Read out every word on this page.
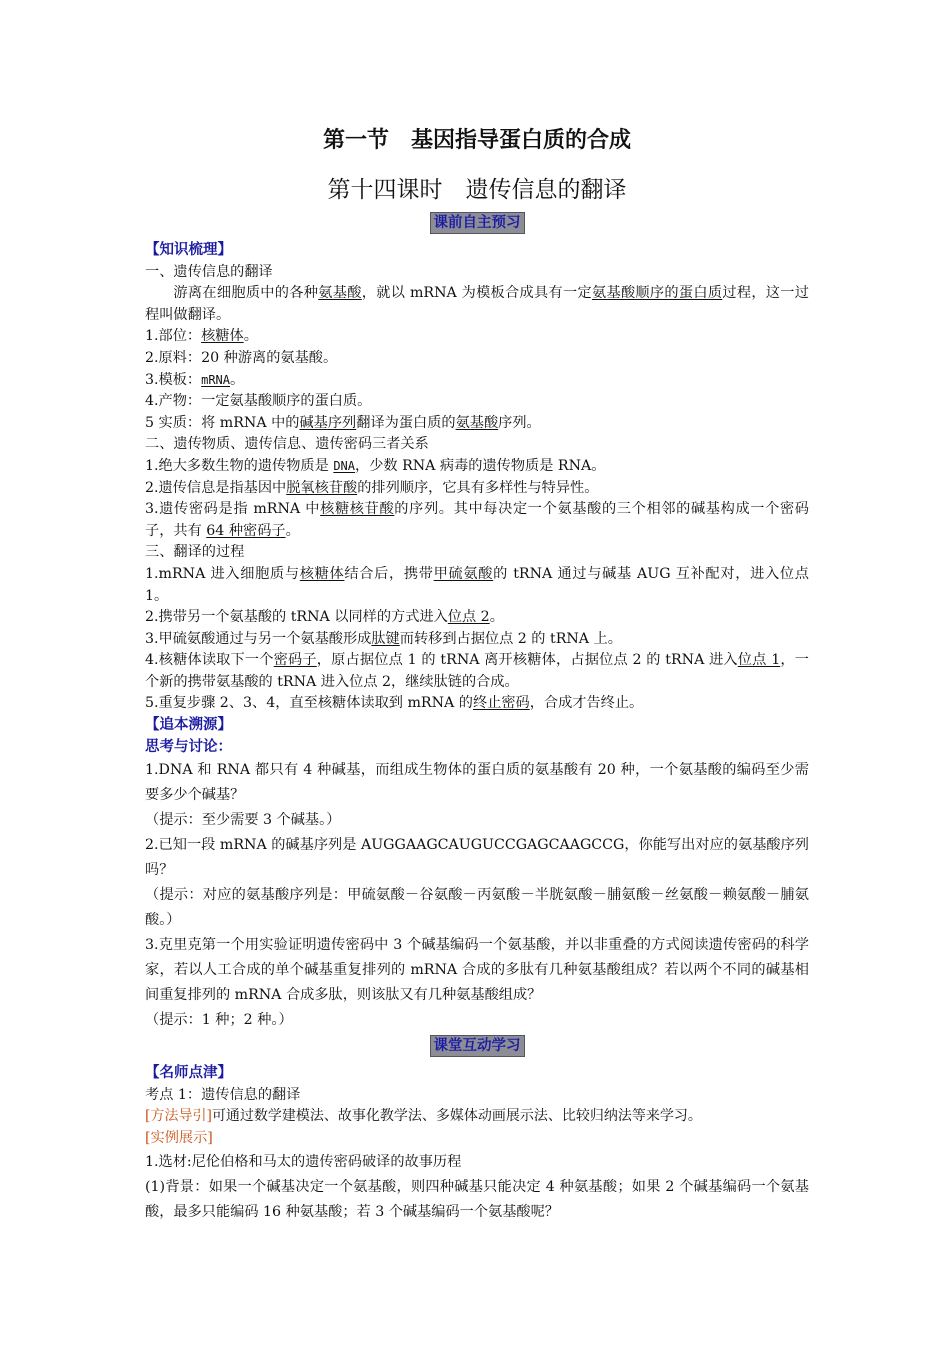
第一节　基因指导蛋白质的合成
第十四课时　遗传信息的翻译
课前自主预习
【知识梳理】
一、遗传信息的翻译
游离在细胞质中的各种氨基酸，就以 mRNA 为模板合成具有一定氨基酸顺序的蛋白质过程，这一过程叫做翻译。
1.部位：核糖体。
2.原料：20 种游离的氨基酸。
3.模板：mRNA。
4.产物：一定氨基酸顺序的蛋白质。
5 实质：将 mRNA 中的碱基序列翻译为蛋白质的氨基酸序列。
二、遗传物质、遗传信息、遗传密码三者关系
1.绝大多数生物的遗传物质是 DNA，少数 RNA 病毒的遗传物质是 RNA。
2.遗传信息是指基因中脱氧核苷酸的排列顺序，它具有多样性与特异性。
3.遗传密码是指 mRNA 中核糖核苷酸的序列。其中每决定一个氨基酸的三个相邻的碱基构成一个密码子，共有 64 种密码子。
三、翻译的过程
1.mRNA 进入细胞质与核糖体结合后，携带甲硫氨酸的 tRNA 通过与碱基 AUG 互补配对，进入位点 1。
2.携带另一个氨基酸的 tRNA 以同样的方式进入位点 2。
3.甲硫氨酸通过与另一个氨基酸形成肽键而转移到占据位点 2 的 tRNA 上。
4.核糖体读取下一个密码子，原占据位点 1 的 tRNA 离开核糖体，占据位点 2 的 tRNA 进入位点 1，一个新的携带氨基酸的 tRNA 进入位点 2，继续肽链的合成。
5.重复步骤 2、3、4，直至核糖体读取到 mRNA 的终止密码，合成才告终止。
【追本溯源】
思考与讨论：
1.DNA 和 RNA 都只有 4 种碱基，而组成生物体的蛋白质的氨基酸有 20 种，一个氨基酸的编码至少需要多少个碱基？
（提示：至少需要 3 个碱基。）
2.已知一段 mRNA 的碱基序列是 AUGGAAGCAUGUCCGAGCAAGCCG，你能写出对应的氨基酸序列吗？
（提示：对应的氨基酸序列是：甲硫氨酸－谷氨酸－丙氨酸－半胱氨酸－脯氨酸－丝氨酸－赖氨酸－脯氨酸。）
3.克里克第一个用实验证明遗传密码中 3 个碱基编码一个氨基酸，并以非重叠的方式阅读遗传密码的科学家，若以人工合成的单个碱基重复排列的 mRNA 合成的多肽有几种氨基酸组成？若以两个不同的碱基相间重复排列的 mRNA 合成多肽，则该肽又有几种氨基酸组成？
（提示：1 种；2 种。）
课堂互动学习
【名师点津】
考点 1：遗传信息的翻译
[方法导引]可通过数学建模法、故事化教学法、多媒体动画展示法、比较归纳法等来学习。
[实例展示]
1.选材:尼伦伯格和马太的遗传密码破译的故事历程
(1)背景：如果一个碱基决定一个氨基酸，则四种碱基只能决定 4 种氨基酸；如果 2 个碱基编码一个氨基酸，最多只能编码 16 种氨基酸；若 3 个碱基编码一个氨基酸呢？
